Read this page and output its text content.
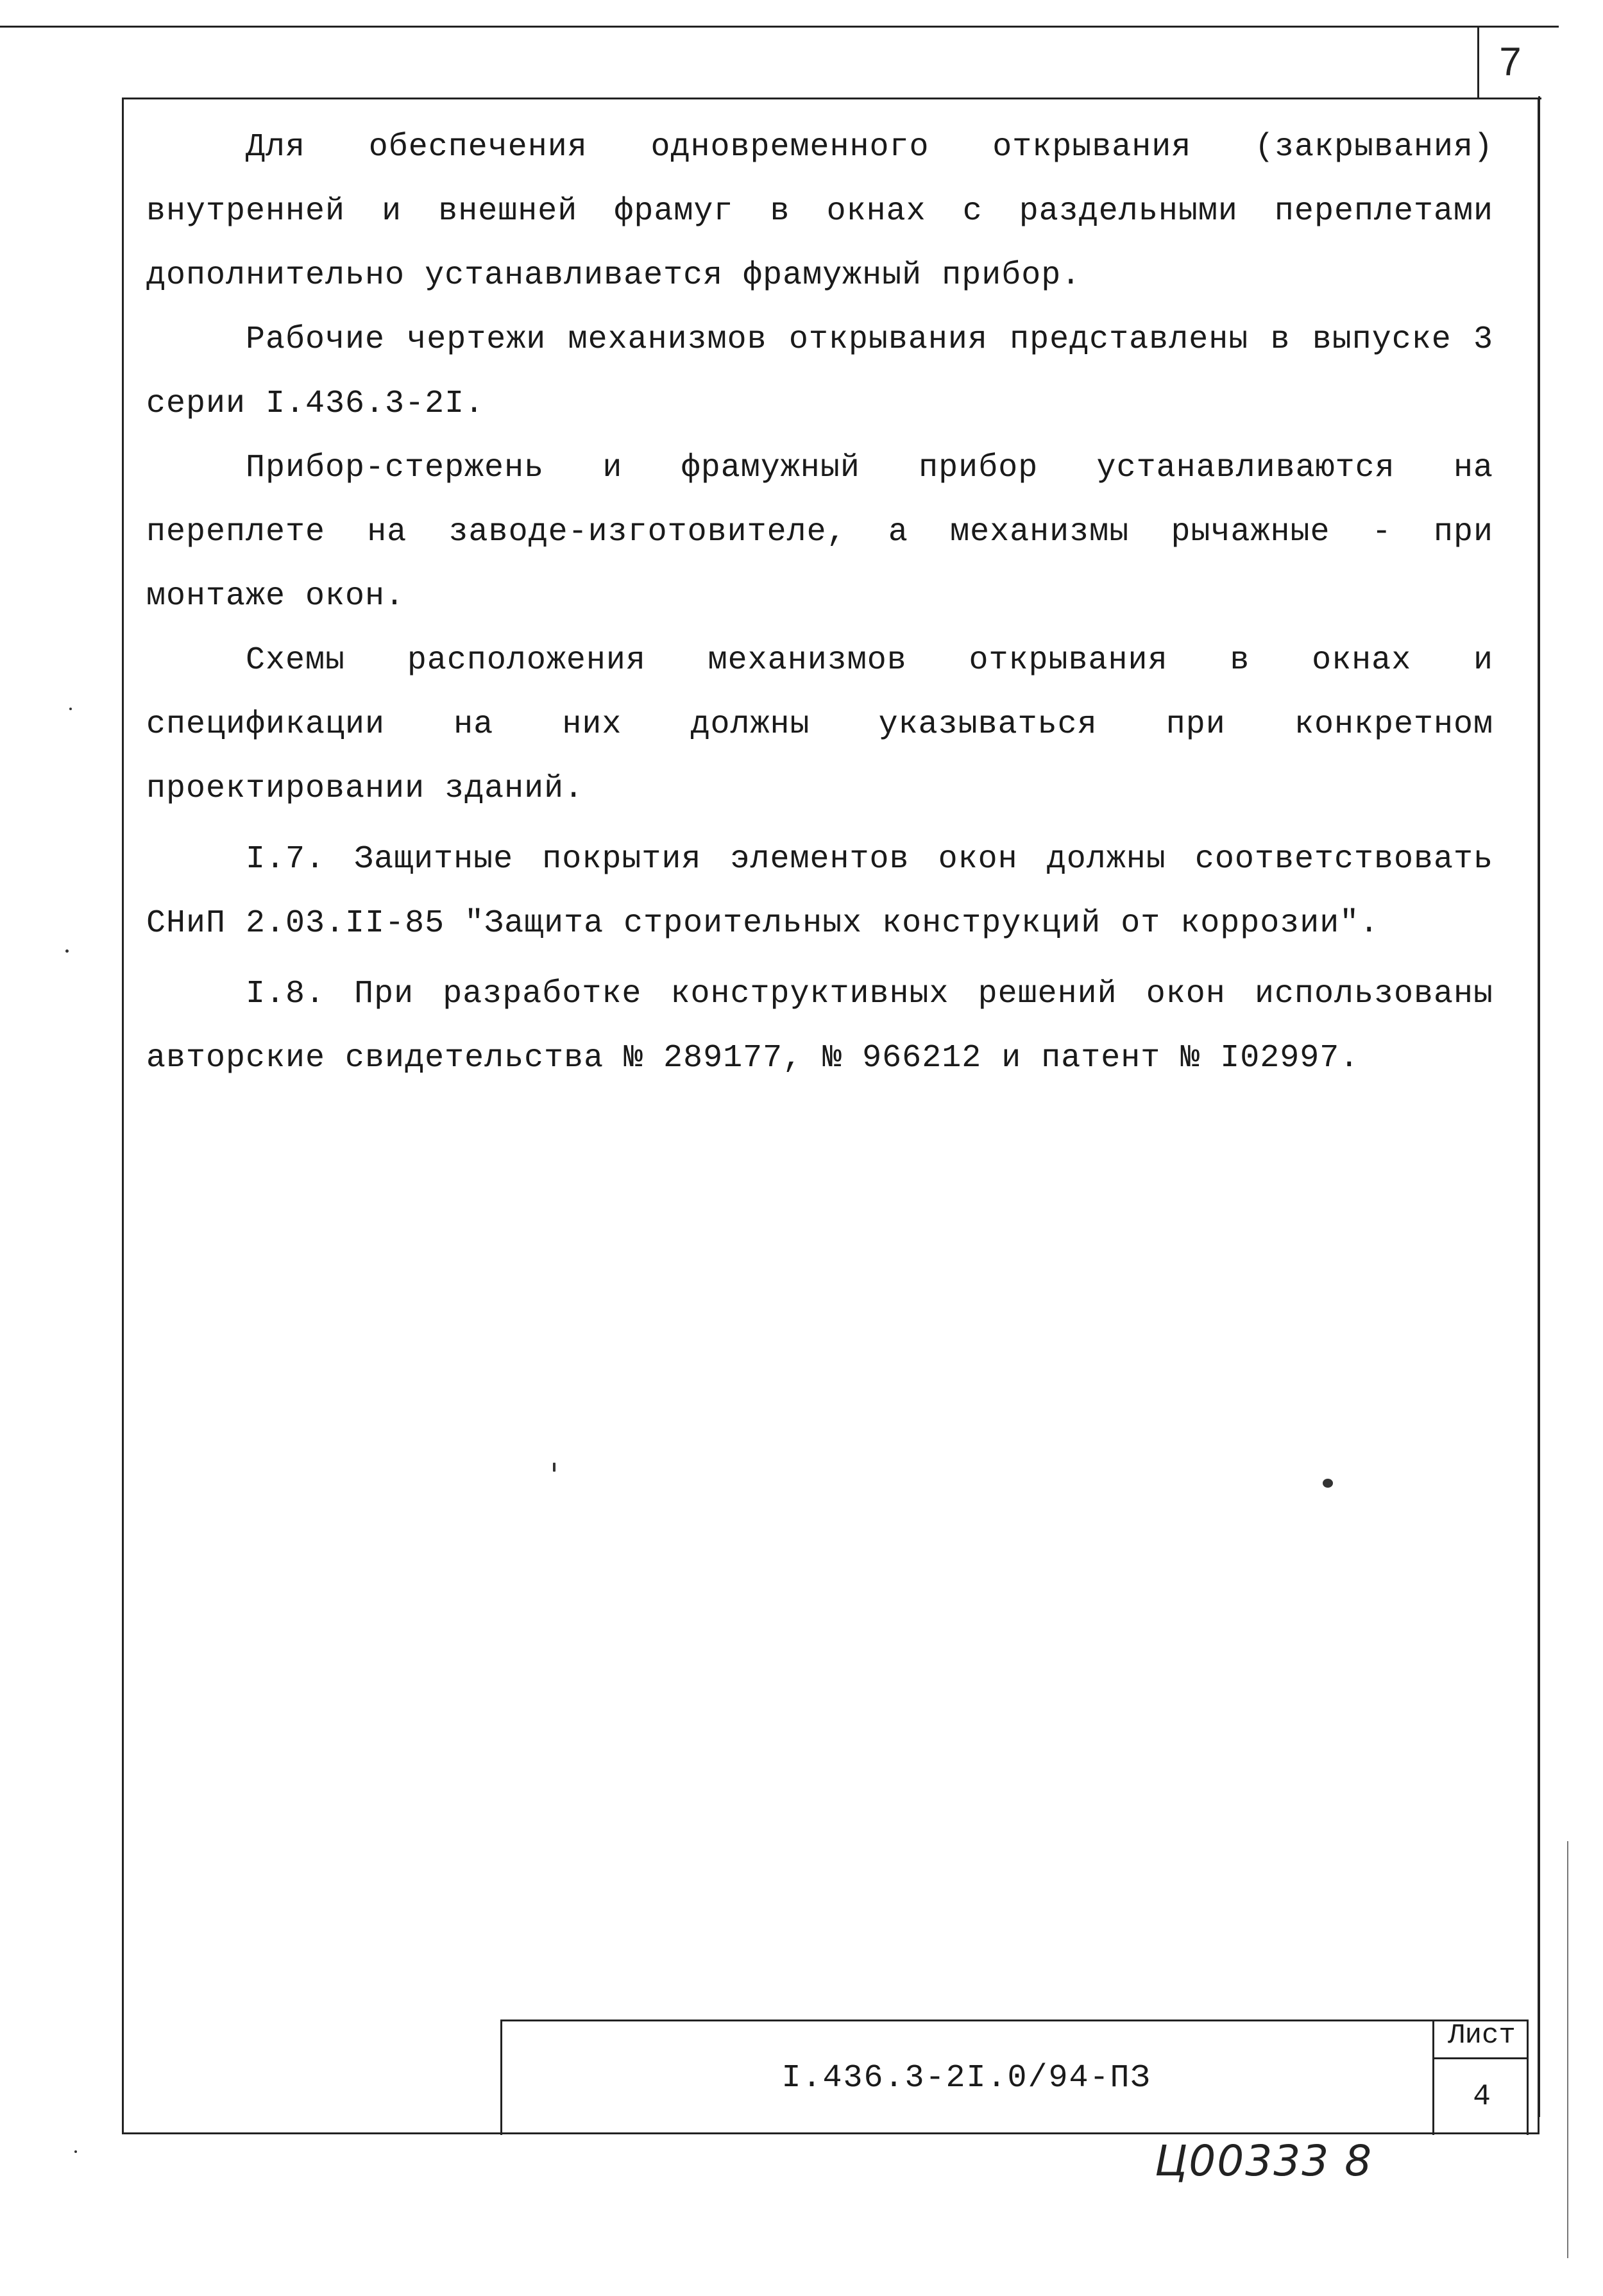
7

Для обеспечения одновременного открывания (закрывания) внутренней и внешней фрамуг в окнах с раздельными переплетами дополнительно устанавливается фрамужный прибор.

Рабочие чертежи механизмов открывания представлены в выпуске 3 серии I.436.3-2I.

Прибор-стержень и фрамужный прибор устанавливаются на переплете на заводе-изготовителе, а механизмы рычажные - при монтаже окон.

Схемы расположения механизмов открывания в окнах и спецификации на них должны указываться при конкретном проектировании зданий.

I.7. Защитные покрытия элементов окон должны соответствовать СНиП 2.03.II-85 "Защита строительных конструкций от коррозии".

I.8. При разработке конструктивных решений окон использованы авторские свидетельства № 289177, № 966212 и патент № I02997.

I.436.3-2I.0/94-ПЗ
Лист
4
Ц00333 8
